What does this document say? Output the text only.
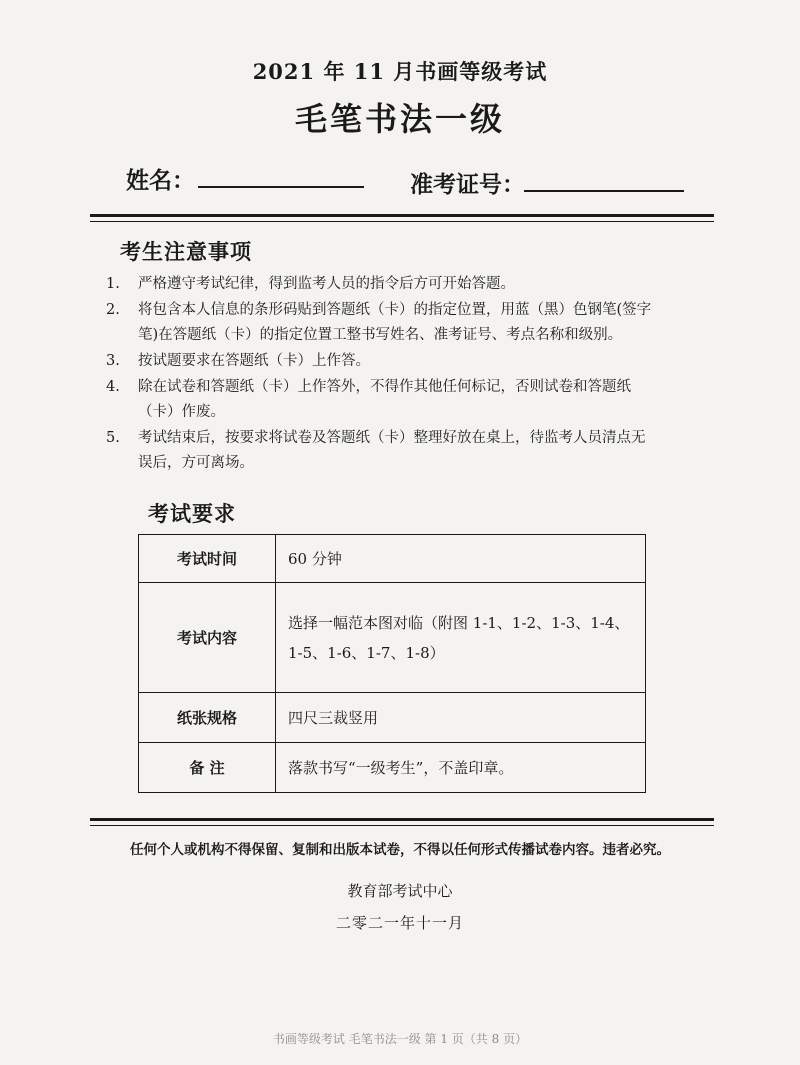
2021 年 11 月书画等级考试
毛笔书法一级
姓名：	准考证号：
考生注意事项
1.	严格遵守考试纪律，得到监考人员的指令后方可开始答题。
2.	将包含本人信息的条形码贴到答题纸（卡）的指定位置，用蓝（黑）色钢笔(签字
笔)在答题纸（卡）的指定位置工整书写姓名、准考证号、考点名称和级别。
3.	按试题要求在答题纸（卡）上作答。
4.	除在试卷和答题纸（卡）上作答外，不得作其他任何标记，否则试卷和答题纸
（卡）作废。
5.	考试结束后，按要求将试卷及答题纸（卡）整理好放在桌上，待监考人员清点无
误后，方可离场。
考试要求
考试时间	60 分钟

考试内容	选择一幅范本图对临（附图 1-1、1-2、1-3、1-4、
1-5、1-6、1-7、1-8）

纸张规格	四尺三裁竖用

备 注	落款书写“一级考生”，不盖印章。
任何个人或机构不得保留、复制和出版本试卷，不得以任何形式传播试卷内容。违者必究。
教育部考试中心
二零二一年十一月
书画等级考试 毛笔书法一级 第 1 页（共 8 页）
